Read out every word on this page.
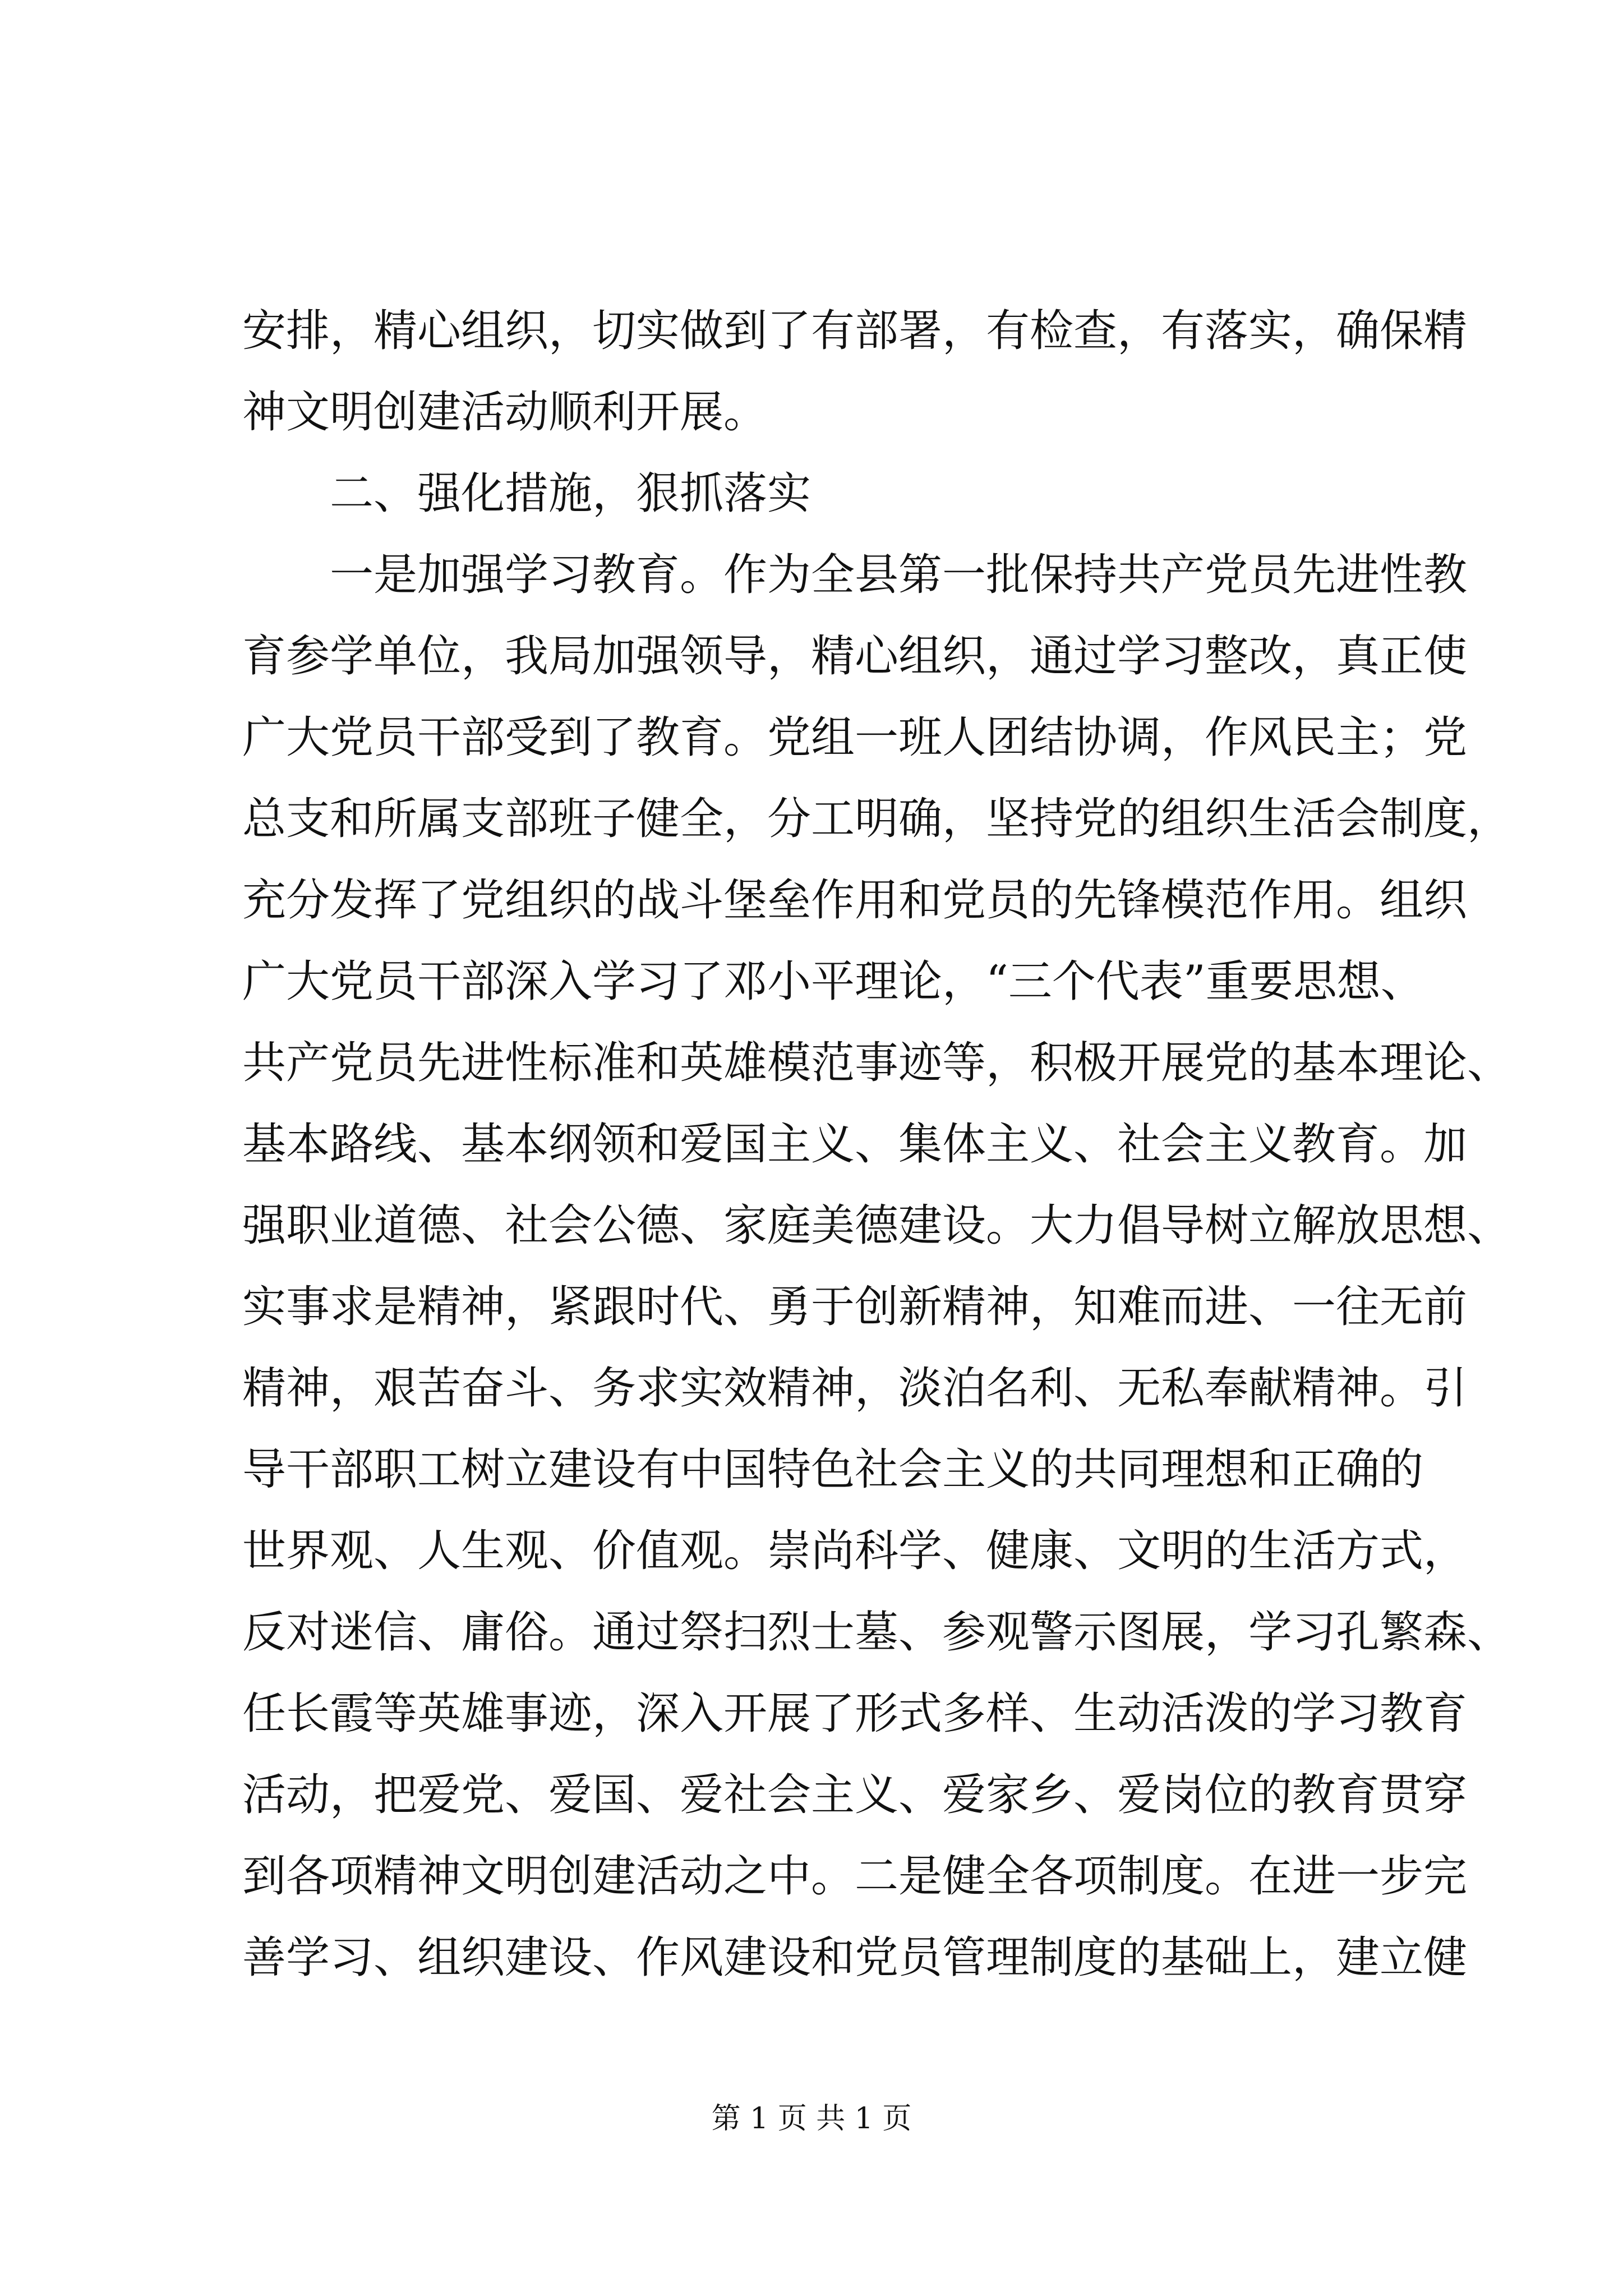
安排，精心组织，切实做到了有部署，有检查，有落实，确保精
神文明创建活动顺利开展。
二、强化措施，狠抓落实
一是加强学习教育。作为全县第一批保持共产党员先进性教
育参学单位，我局加强领导，精心组织，通过学习整改，真正使
广大党员干部受到了教育。党组一班人团结协调，作风民主；党
总支和所属支部班子健全，分工明确，坚持党的组织生活会制度，
充分发挥了党组织的战斗堡垒作用和党员的先锋模范作用。组织
广大党员干部深入学习了邓小平理论，“三个代表”重要思想、
共产党员先进性标准和英雄模范事迹等，积极开展党的基本理论、
基本路线、基本纲领和爱国主义、集体主义、社会主义教育。加
强职业道德、社会公德、家庭美德建设。大力倡导树立解放思想、
实事求是精神，紧跟时代、勇于创新精神，知难而进、一往无前
精神，艰苦奋斗、务求实效精神，淡泊名利、无私奉献精神。引
导干部职工树立建设有中国特色社会主义的共同理想和正确的
世界观、人生观、价值观。崇尚科学、健康、文明的生活方式，
反对迷信、庸俗。通过祭扫烈士墓、参观警示图展，学习孔繁森、
任长霞等英雄事迹，深入开展了形式多样、生动活泼的学习教育
活动，把爱党、爱国、爱社会主义、爱家乡、爱岗位的教育贯穿
到各项精神文明创建活动之中。二是健全各项制度。在进一步完
善学习、组织建设、作风建设和党员管理制度的基础上，建立健
第 1 页 共 1 页
